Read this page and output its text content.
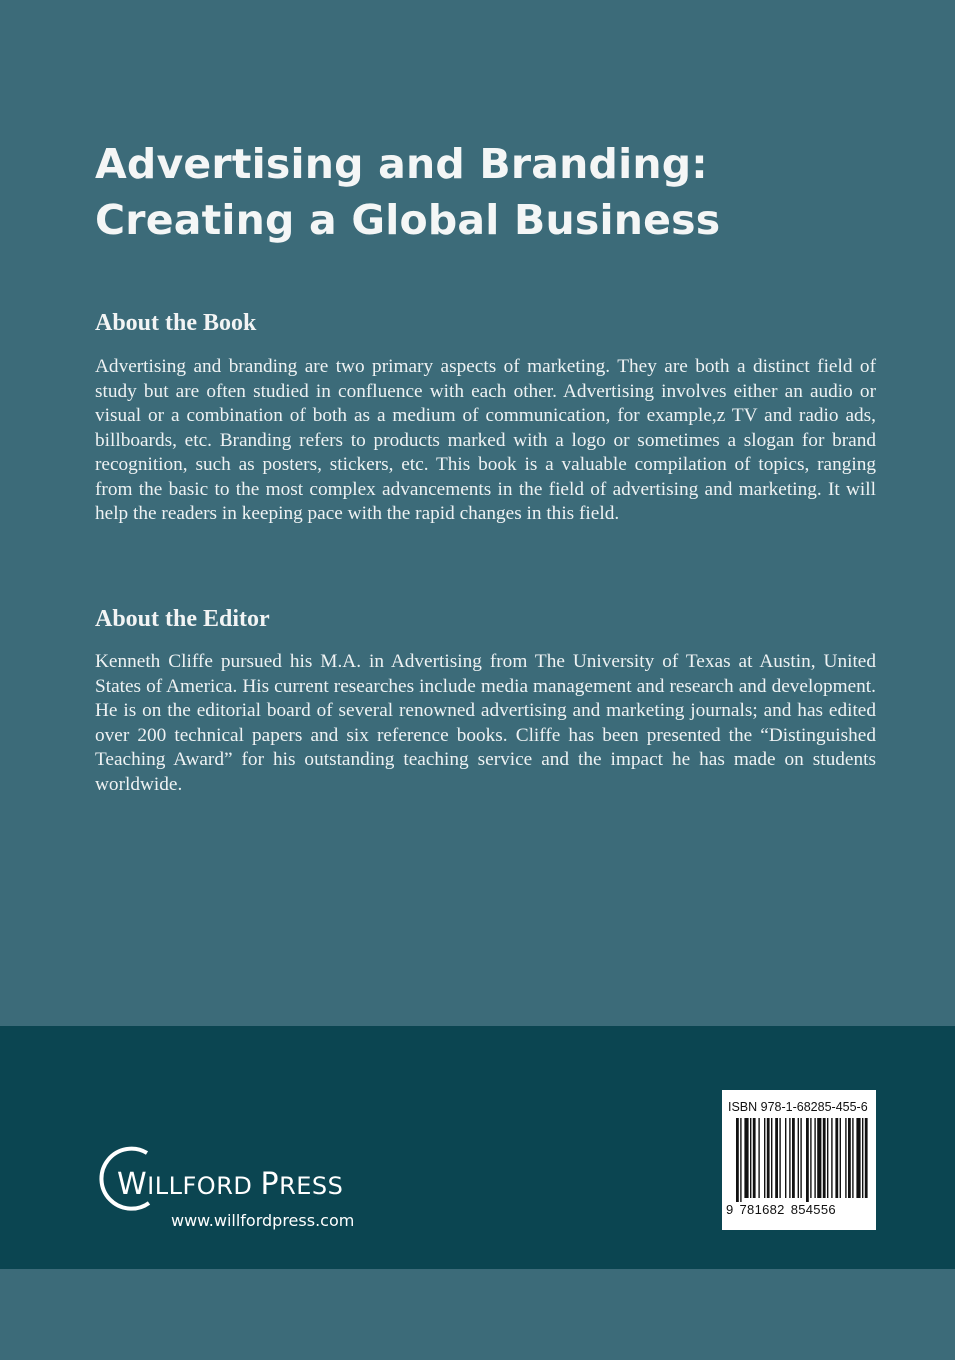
Advertising and Branding: Creating a Global Business
About the Book
Advertising and branding are two primary aspects of marketing. They are both a distinct field of study but are often studied in confluence with each other. Advertising involves either an audio or visual or a combination of both as a medium of communication, for example,z TV and radio ads, billboards, etc. Branding refers to products marked with a logo or sometimes a slogan for brand recognition, such as posters, stickers, etc. This book is a valuable compilation of topics, ranging from the basic to the most complex advancements in the field of advertising and marketing. It will help the readers in keeping pace with the rapid changes in this field.
About the Editor
Kenneth Cliffe pursued his M.A. in Advertising from The University of Texas at Austin, United States of America. His current researches include media management and research and development. He is on the editorial board of several renowned advertising and marketing journals; and has edited over 200 technical papers and six reference books. Cliffe has been presented the “Distinguished Teaching Award” for his outstanding teaching service and the impact he has made on students worldwide.
WILLFORD PRESS
www.willfordpress.com
ISBN 978-1-68285-455-6
9 781682 854556
